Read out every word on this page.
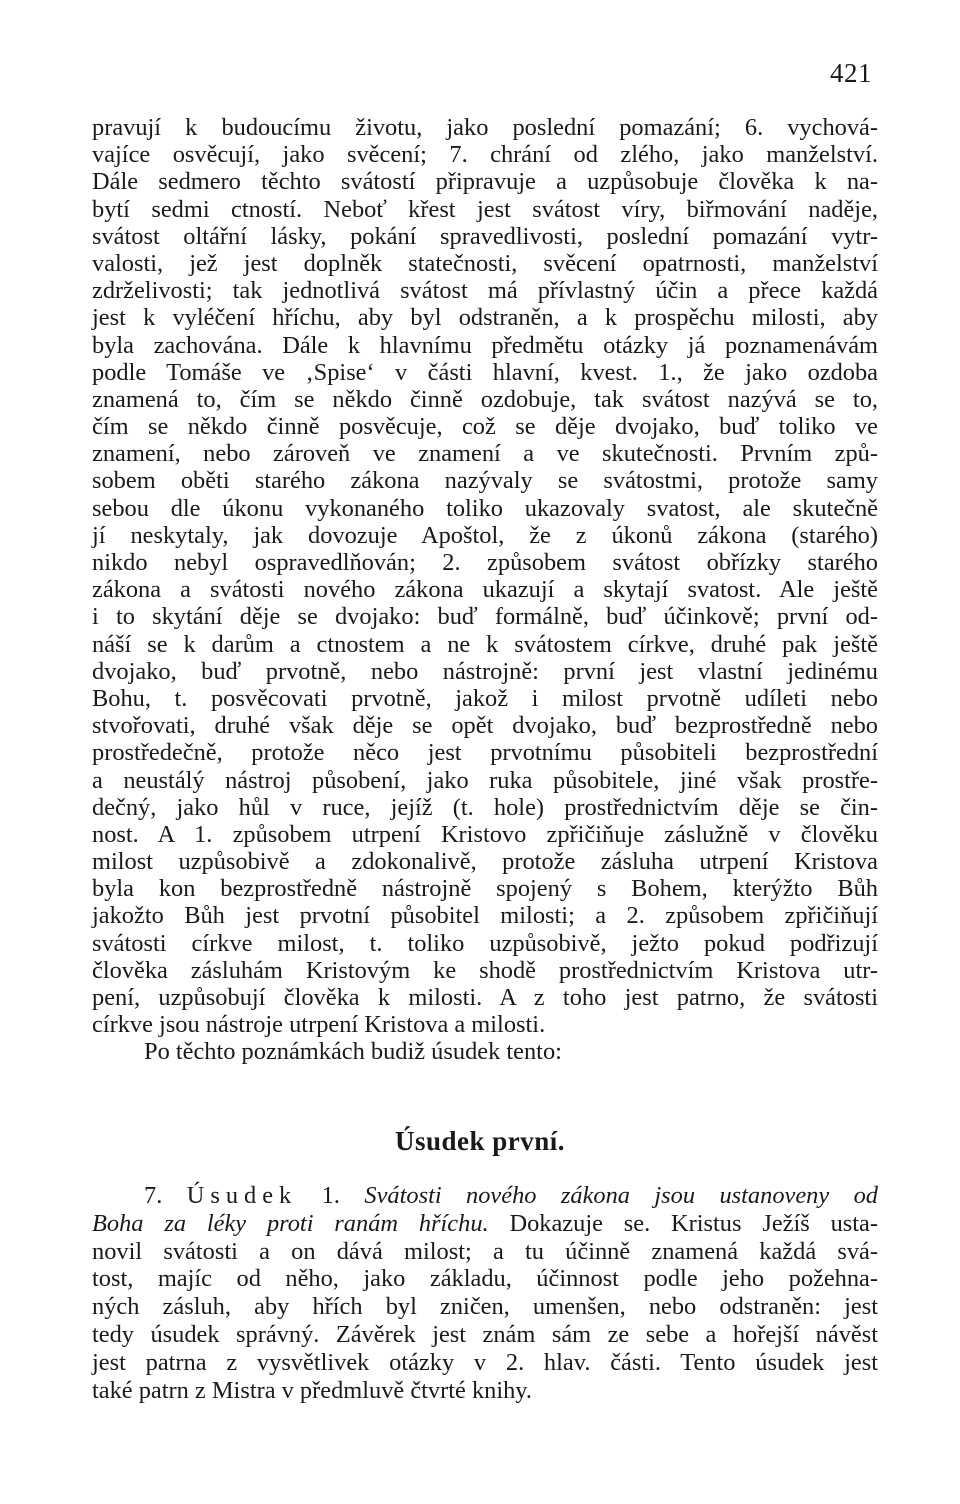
421
pravují k budoucímu životu, jako poslední pomazání; 6. vychová-
vajíce osvěcují, jako svěcení; 7. chrání od zlého, jako manželství.
Dále sedmero těchto svátostí připravuje a uzpůsobuje člověka k na-
bytí sedmi ctností. Neboť křest jest svátost víry, biřmování naděje,
svátost oltářní lásky, pokání spravedlivosti, poslední pomazání vytr-
valosti, jež jest doplněk statečnosti, svěcení opatrnosti, manželství
zdrželivosti; tak jednotlivá svátost má přívlastný účin a přece každá
jest k vyléčení hříchu, aby byl odstraněn, a k prospěchu milosti, aby
byla zachována. Dále k hlavnímu předmětu otázky já poznamenávám
podle Tomáše ve ‚Spise‘ v části hlavní, kvest. 1., že jako ozdoba
znamená to, čím se někdo činně ozdobuje, tak svátost nazývá se to,
čím se někdo činně posvěcuje, což se děje dvojako, buď toliko ve
znamení, nebo zároveň ve znamení a ve skutečnosti. Prvním způ-
sobem oběti starého zákona nazývaly se svátostmi, protože samy
sebou dle úkonu vykonaného toliko ukazovaly svatost, ale skutečně
jí neskytaly, jak dovozuje Apoštol, že z úkonů zákona (starého)
nikdo nebyl ospravedlňován; 2. způsobem svátost obřízky starého
zákona a svátosti nového zákona ukazují a skytají svatost. Ale ještě
i to skytání děje se dvojako: buď formálně, buď účinkově; první od-
náší se k darům a ctnostem a ne k svátostem církve, druhé pak ještě
dvojako, buď prvotně, nebo nástrojně: první jest vlastní jedinému
Bohu, t. posvěcovati prvotně, jakož i milost prvotně udíleti nebo
stvořovati, druhé však děje se opět dvojako, buď bezprostředně nebo
prostředečně, protože něco jest prvotnímu působiteli bezprostřední
a neustálý nástroj působení, jako ruka působitele, jiné však prostře-
dečný, jako hůl v ruce, jejíž (t. hole) prostřednictvím děje se čin-
nost. A 1. způsobem utrpení Kristovo zpřičiňuje záslužně v člověku
milost uzpůsobivě a zdokonalivě, protože zásluha utrpení Kristova
byla kon bezprostředně nástrojně spojený s Bohem, kterýžto Bůh
jakožto Bůh jest prvotní působitel milosti; a 2. způsobem zpřičiňují
svátosti církve milost, t. toliko uzpůsobivě, ježto pokud podřizují
člověka zásluhám Kristovým ke shodě prostřednictvím Kristova utr-
pení, uzpůsobují člověka k milosti. A z toho jest patrno, že svátosti
církve jsou nástroje utrpení Kristova a milosti.
Po těchto poznámkách budiž úsudek tento:
Úsudek první.
7. Úsudek 1. Svátosti nového zákona jsou ustanoveny od
Boha za léky proti ranám hříchu. Dokazuje se. Kristus Ježíš usta-
novil svátosti a on dává milost; a tu účinně znamená každá svá-
tost, majíc od něho, jako základu, účinnost podle jeho požehna-
ných zásluh, aby hřích byl zničen, umenšen, nebo odstraněn: jest
tedy úsudek správný. Závěrek jest znám sám ze sebe a hořejší návěst
jest patrna z vysvětlivek otázky v 2. hlav. části. Tento úsudek jest
také patrn z Mistra v předmluvě čtvrté knihy.
